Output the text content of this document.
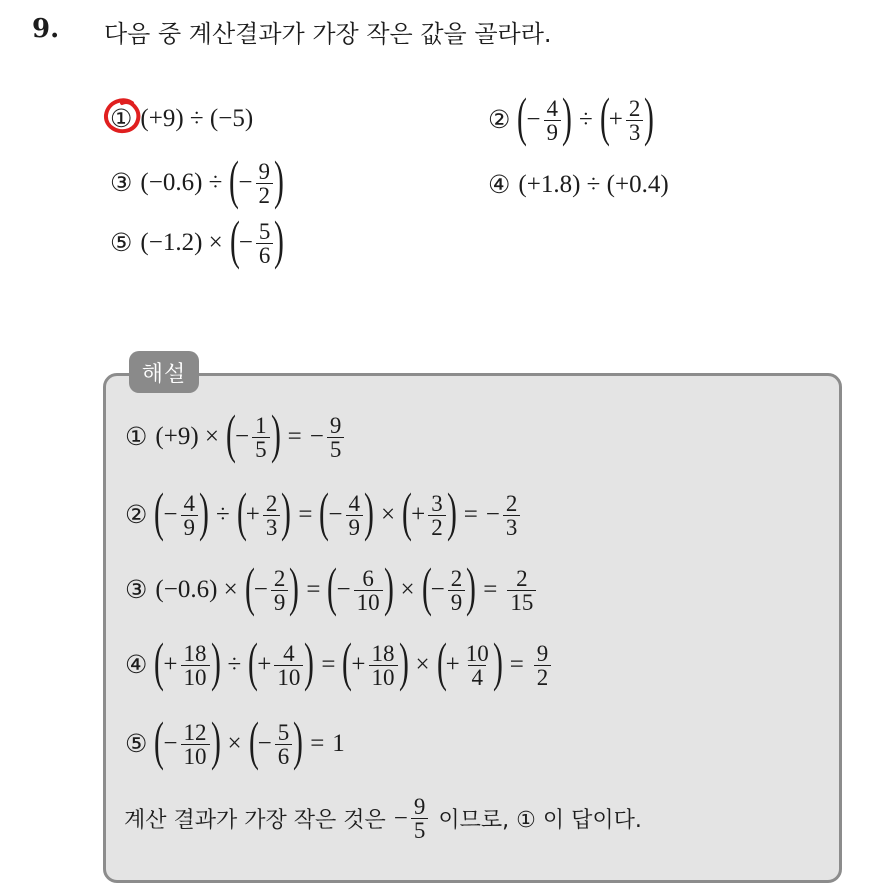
9. 다음 중 계산결과가 가장 작은 값을 골라라.
① (+9) ÷ (−5)	② ( − $\frac{4}{9}$ ) ÷ ( + $\frac{2}{3}$ )
③ (−0.6) ÷ ( − $\frac{9}{2}$ )	④ (+1.8) ÷ (+0.4)
⑤ (−1.2) × ( − $\frac{5}{6}$ )
해설
① (+9) × ( − $\frac{1}{5}$ ) = − $\frac{9}{5}$
② ( − $\frac{4}{9}$ ) ÷ ( + $\frac{2}{3}$ ) = ( − $\frac{4}{9}$ ) × ( + $\frac{3}{2}$ ) = − $\frac{2}{3}$
③ (−0.6) × ( − $\frac{2}{9}$ ) = ( − $\frac{6}{10}$ ) × ( − $\frac{2}{9}$ ) = $\frac{2}{15}$
④ ( + $\frac{18}{10}$ ) ÷ ( + $\frac{4}{10}$ ) = ( + $\frac{18}{10}$ ) × ( + $\frac{10}{4}$ ) = $\frac{9}{2}$
⑤ ( − $\frac{12}{10}$ ) × ( − $\frac{5}{6}$ ) = 1
계산 결과가 가장 작은 것은 − $\frac{9}{5}$ 이므로, ① 이 답이다.
